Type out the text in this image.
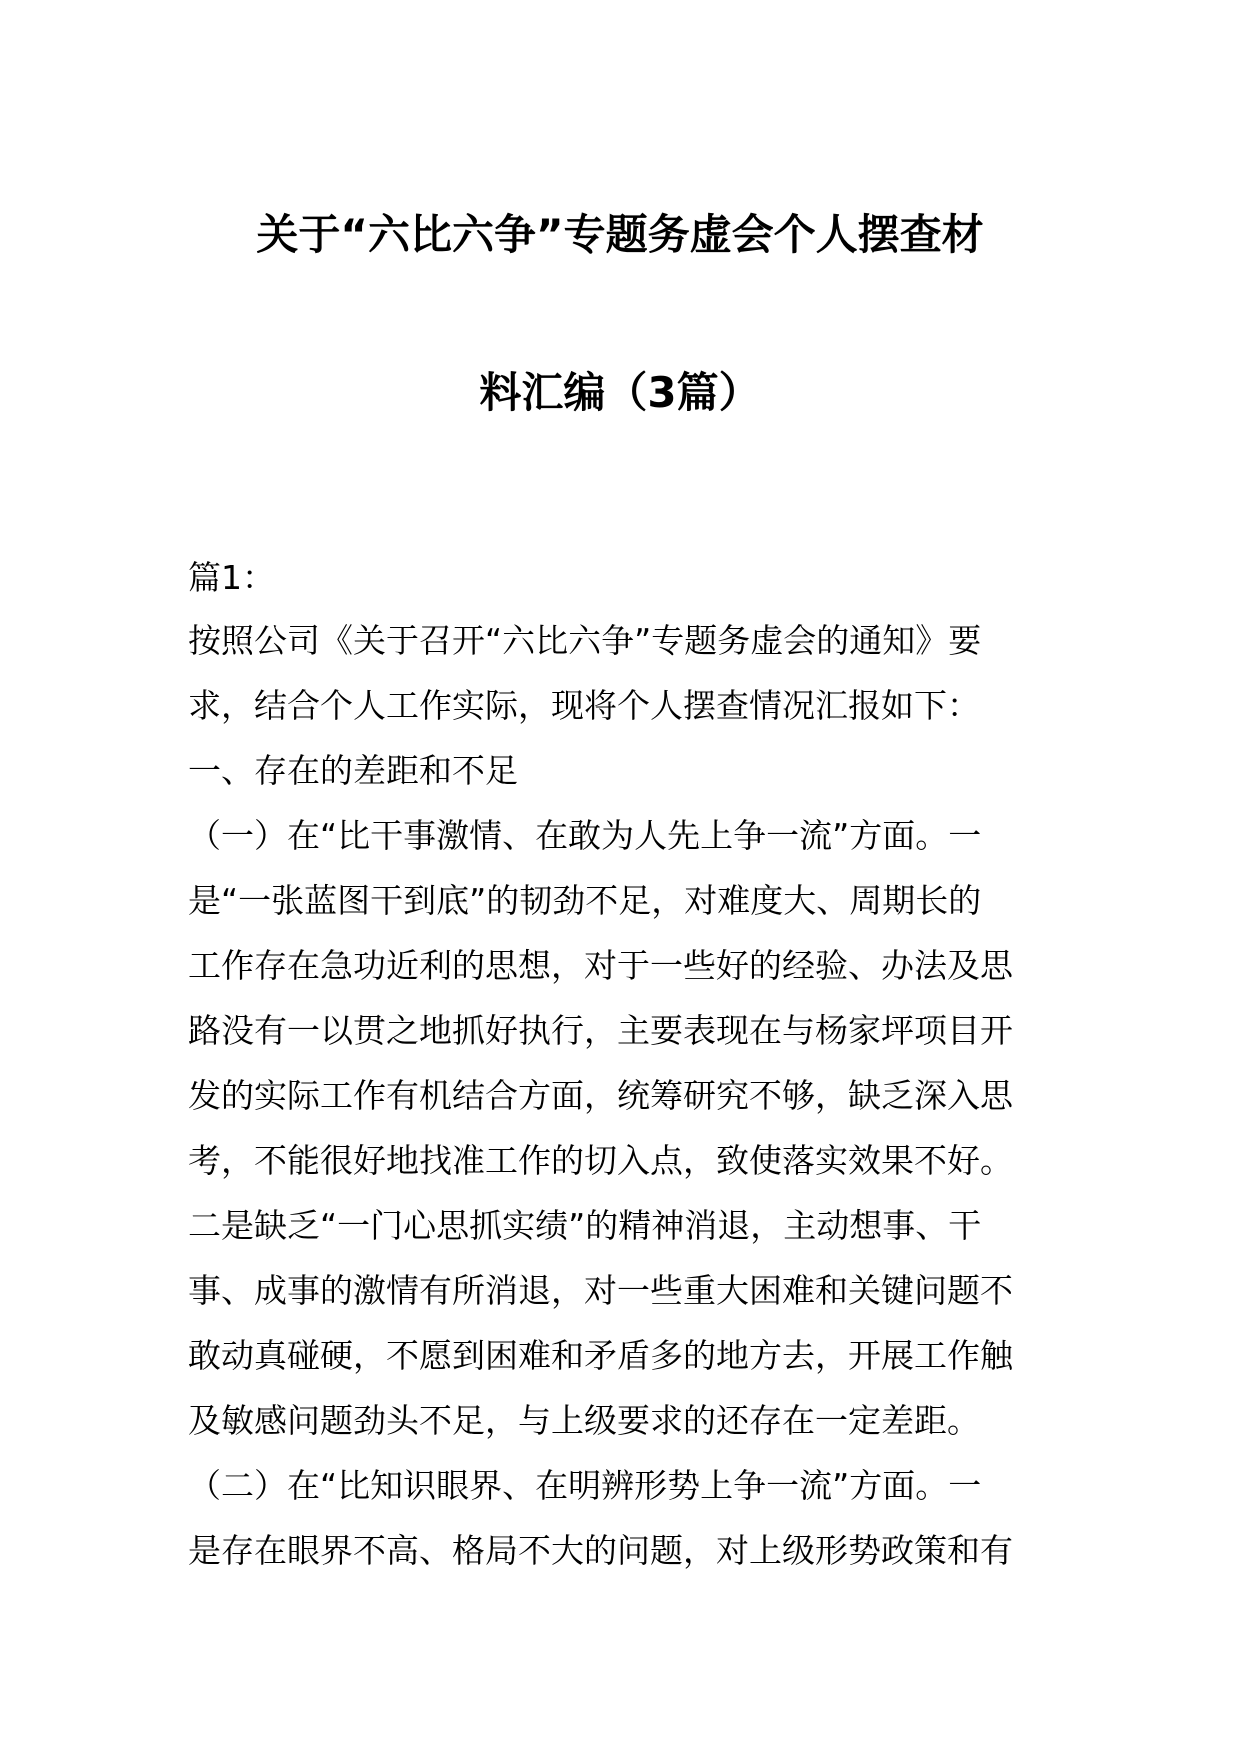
关于“六比六争”专题务虚会个人摆查材
料汇编（3篇）
篇1：
按照公司《关于召开“六比六争”专题务虚会的通知》要
求，结合个人工作实际，现将个人摆查情况汇报如下：
一、存在的差距和不足
（一）在“比干事激情、在敢为人先上争一流”方面。一
是“一张蓝图干到底”的韧劲不足，对难度大、周期长的
工作存在急功近利的思想，对于一些好的经验、办法及思
路没有一以贯之地抓好执行，主要表现在与杨家坪项目开
发的实际工作有机结合方面，统筹研究不够，缺乏深入思
考，不能很好地找准工作的切入点，致使落实效果不好。
二是缺乏“一门心思抓实绩”的精神消退，主动想事、干
事、成事的激情有所消退，对一些重大困难和关键问题不
敢动真碰硬，不愿到困难和矛盾多的地方去，开展工作触
及敏感问题劲头不足，与上级要求的还存在一定差距。
（二）在“比知识眼界、在明辨形势上争一流”方面。一
是存在眼界不高、格局不大的问题，对上级形势政策和有
